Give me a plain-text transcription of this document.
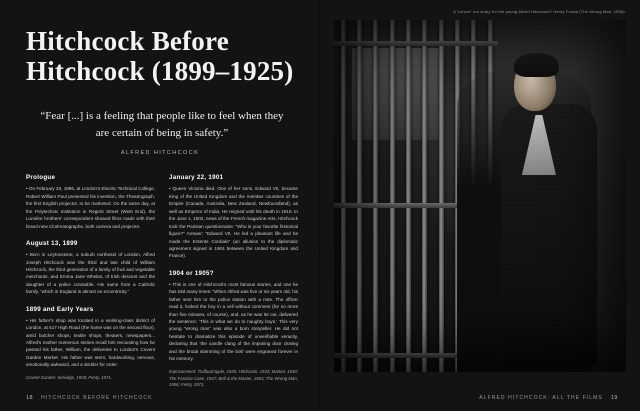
Hitchcock Before
Hitchcock (1899–1925)
“Fear [...] is a feeling that people like to feel when they are certain of being in safety.”
ALFRED HITCHCOCK
Prologue

• On February 20, 1896, at London's Electric Technical College, Robert William Paul presented his invention, the Theatrograph, the first English projector, to be marketed. On the same day, at the Polytechnic Institution in Regent Street (West End), the Lumière brothers' correspondent showed films made with their brand-new Cinématographe, both camera and projector.

August 13, 1899

• Born in Leytonstone, a suburb northeast of London, Alfred Joseph Hitchcock was the third and last child of William Hitchcock, the third generation of a family of fruit and vegetable merchants, and Emma Jane Whelan, of Irish descent and the daughter of a police constable. His name from a Catholic family, “which in England is almost an eccentricity.”

1899 and Early Years

• His father's shop was located in a working-class district of London, at 517 High Road (the home was on the second floor), amid butcher shops, textile shops, theaters, newspapers... Alfred's mother numerous stories recall him recounting how he passed his father, William, the deliveries to London's Covent Garden Market. His father was stern, hardworking, nervous, emotionally awkward, and a stickler for order.

Covent Garden: Selvidge, 1936; Fenty, 1971.

January 22, 1901

• Queen Victoria died. One of her sons, Edward VII, became King of the United Kingdom and the member countries of the Empire (Canada, Australia, New Zealand, Newfoundland), as well as Emperor of India. He reigned until his death in 1910. In the June 1, 1902, news of the French magazine Arts, Hitchcock took the Parisian questionnaire: “Who is your favorite historical figure?” Answer: “Edward VII. He led a pleasant life and he made the Entente Cordiale” (an allusion to the diplomatic agreement signed in 1904 between the United Kingdom and France).

1904 or 1905?

• This is one of Hitchcock's most famous stories, and one he has told many times: “When Alfred was five or six years old, his father sent him to the police station with a note. The officer read it, locked the boy in a cell without comment (for no more than five minutes, of course), and, as he was let out, delivered the sentence: ‘This is what we do to naughty boys.’ This very young “wrong man” was also a born storyteller. He did not hesitate to dramatize this episode of unverifiable veracity, declaring that ‘the candle clang of the imposing door closing and the brutal slamming of the bolt’ were engraved forever in his memory.

Imprisonment: Truffaut/Apple, 1935; Hitchcock, 1933; Market, 1930; The Fascine Case, 1947; Bell & the Master, 1963; The Wrong Man, 1956; Fenty, 1971.

18 HITCHCOCK BEFORE HITCHCOCK
A “prison” too scary for the young Alfred Hitchcock? Henry Fonda (The Wrong Man, 1956).
ALFRED HITCHCOCK: ALL THE FILMS 19
